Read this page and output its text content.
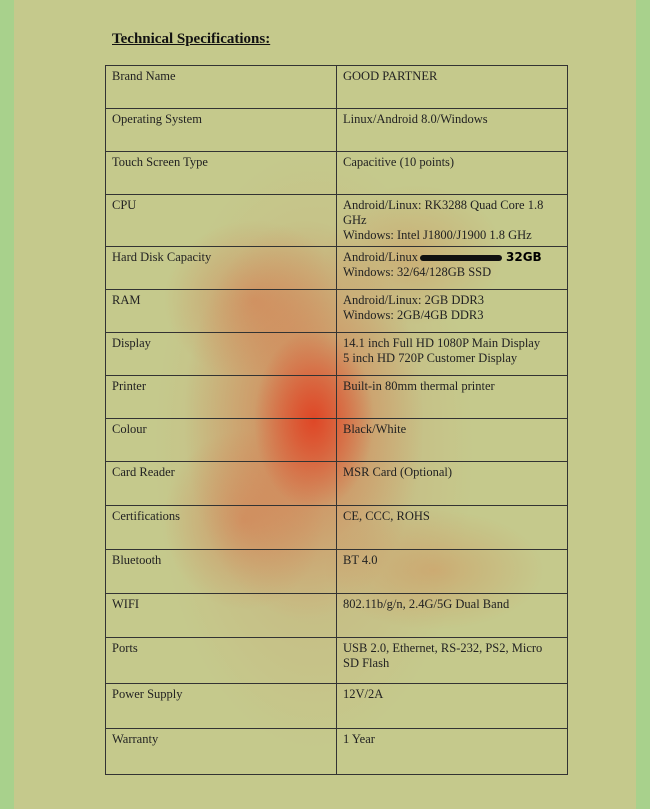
Technical Specifications:
Brand Name	GOOD PARTNER

Operating System	Linux/Android 8.0/Windows

Touch Screen Type	Capacitive (10 points)

CPU	Android/Linux: RK3288 Quad Core 1.8 GHz
Windows: Intel J1800/J1900 1.8 GHz

Hard Disk Capacity	Android/Linux 32GB
Windows: 32/64/128GB SSD

RAM	Android/Linux: 2GB DDR3
Windows: 2GB/4GB DDR3

Display	14.1 inch Full HD 1080P Main Display
5 inch HD 720P Customer Display

Printer	Built-in 80mm thermal printer

Colour	Black/White

Card Reader	MSR Card (Optional)

Certifications	CE, CCC, ROHS

Bluetooth	BT 4.0

WIFI	802.11b/g/n, 2.4G/5G Dual Band

Ports	USB 2.0, Ethernet, RS-232, PS2, Micro SD Flash

Power Supply	12V/2A

Warranty	1 Year
